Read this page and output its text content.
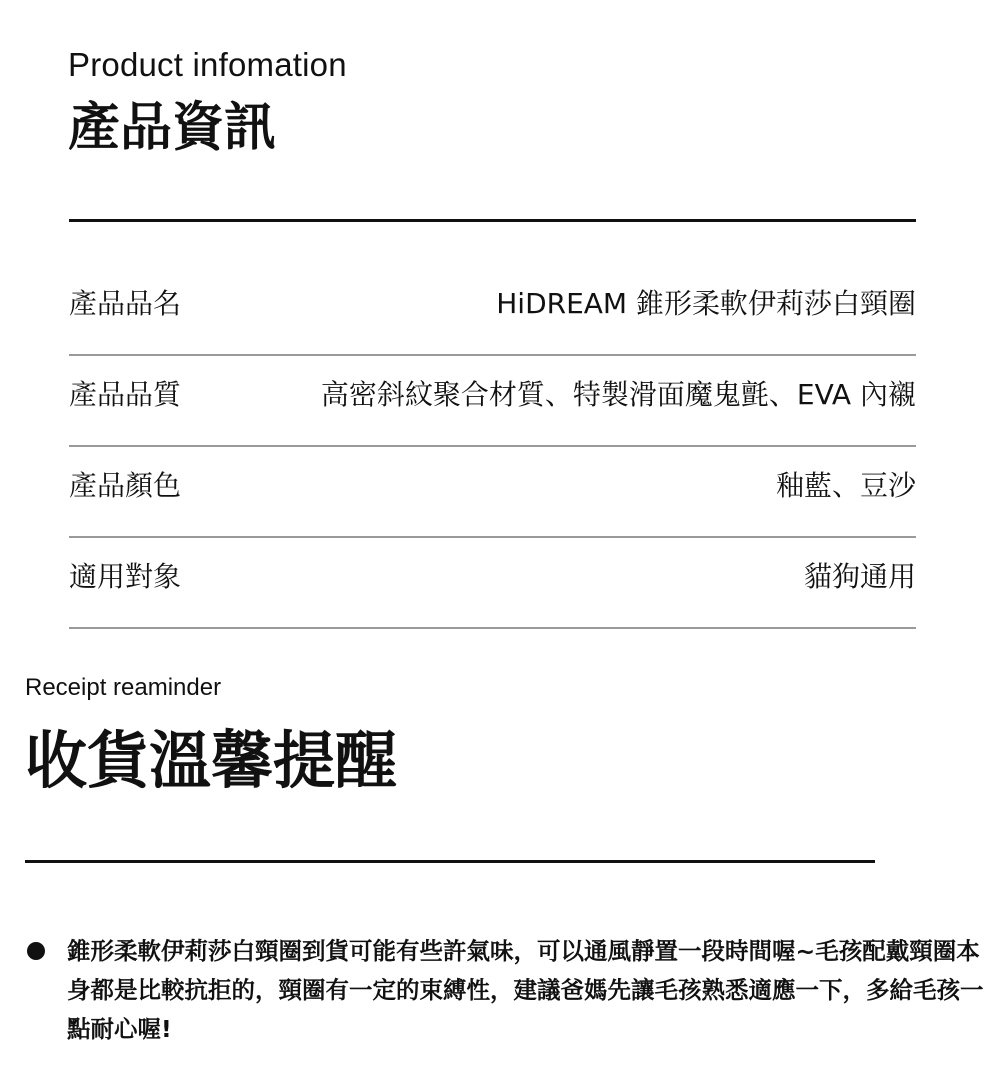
Product infomation
產品資訊
產品品名	HiDREAM 錐形柔軟伊莉莎白頸圈
產品品質	高密斜紋聚合材質、特製滑面魔鬼氈、EVA 內襯
產品顏色	釉藍、豆沙
適用對象	貓狗通用
Receipt reaminder
收貨溫馨提醒
錐形柔軟伊莉莎白頸圈到貨可能有些許氣味，可以通風靜置一段時間喔~毛孩配戴頸圈本身都是比較抗拒的，頸圈有一定的束縛性，建議爸媽先讓毛孩熟悉適應一下，多給毛孩一點耐心喔!
